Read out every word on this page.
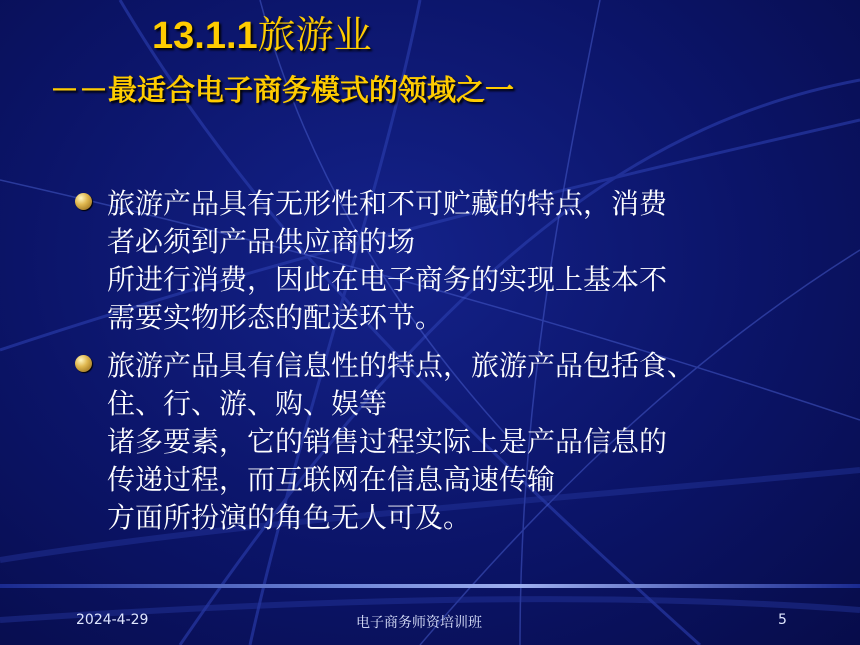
13.1.1旅游业
－－最适合电子商务模式的领域之一
旅游产品具有无形性和不可贮藏的特点，消费
者必须到产品供应商的场
所进行消费，因此在电子商务的实现上基本不
需要实物形态的配送环节。
旅游产品具有信息性的特点，旅游产品包括食、
住、行、游、购、娱等
诸多要素，它的销售过程实际上是产品信息的
传递过程，而互联网在信息高速传输
方面所扮演的角色无人可及。
2024-4-29	电子商务师资培训班	5
